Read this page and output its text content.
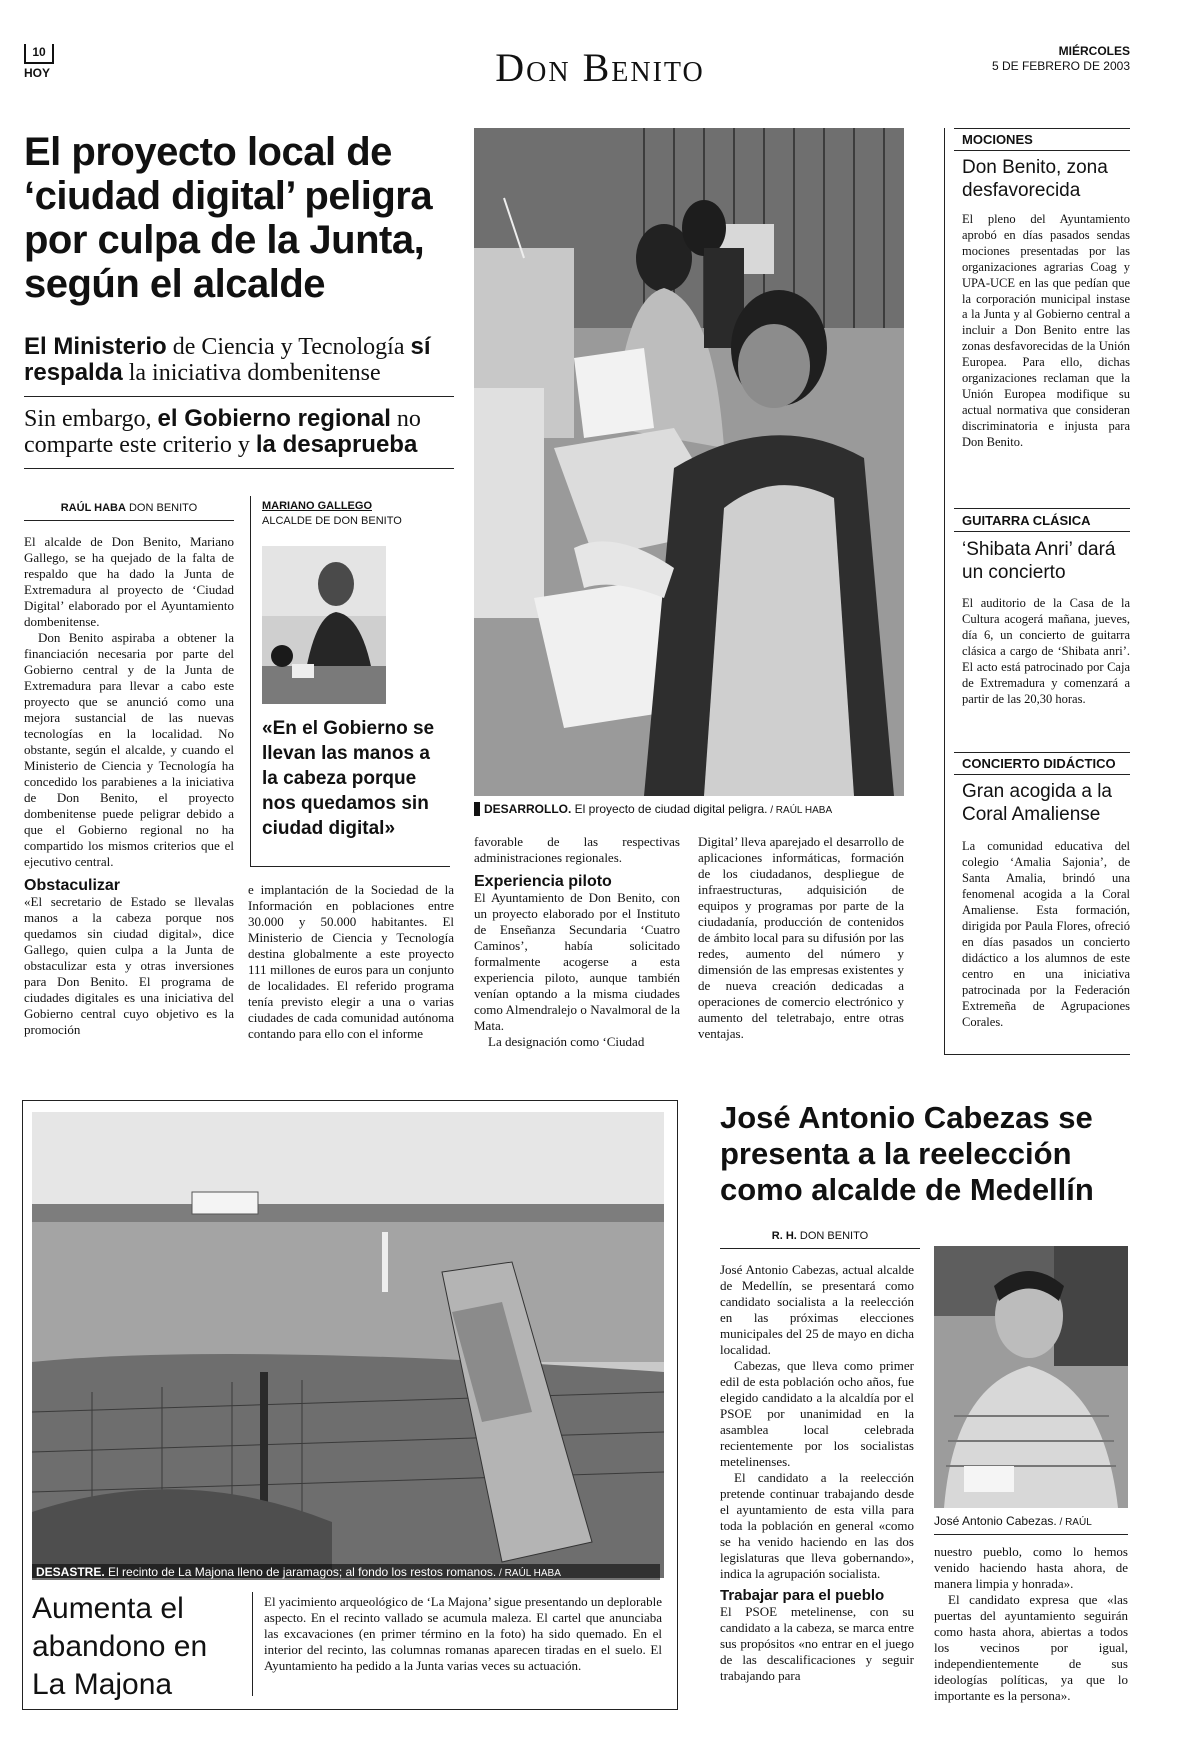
10
HOY	Don Benito	MIÉRCOLES
5 DE FEBRERO DE 2003
El proyecto local de ‘ciudad digital’ peligra por culpa de la Junta, según el alcalde
El Ministerio de Ciencia y Tecnología sí respalda la iniciativa dombenitense
Sin embargo, el Gobierno regional no comparte este criterio y la desaprueba
RAÚL HABA DON BENITO

El alcalde de Don Benito, Mariano Gallego, se ha quejado de la falta de respaldo que ha dado la Junta de Extremadura al proyecto de ‘Ciudad Digital’ elaborado por el Ayuntamiento dombenitense.

Don Benito aspiraba a obtener la financiación necesaria por parte del Gobierno central y de la Junta de Extremadura para llevar a cabo este proyecto que se anunció como una mejora sustancial de las nuevas tecnologías en la localidad. No obstante, según el alcalde, y cuando el Ministerio de Ciencia y Tecnología ha concedido los parabienes a la iniciativa de Don Benito, el proyecto dombenitense puede peligrar debido a que el Gobierno regional no ha compartido los mismos criterios que el ejecutivo central.

Obstaculizar

«El secretario de Estado se llevalas manos a la cabeza porque nos quedamos sin ciudad digital», dice Gallego, quien culpa a la Junta de obstaculizar esta y otras inversiones para Don Benito. El programa de ciudades digitales es una iniciativa del Gobierno central cuyo objetivo es la promoción

MARIANO GALLEGO
ALCALDE DE DON BENITO
«En el Gobierno se llevan las manos a la cabeza porque nos quedamos sin ciudad digital»

e implantación de la Sociedad de la Información en poblaciones entre 30.000 y 50.000 habitantes. El Ministerio de Ciencia y Tecnología destina globalmente a este proyecto 111 millones de euros para un conjunto de localidades. El referido programa tenía previsto elegir a una o varias ciudades de cada comunidad autónoma contando para ello con el informe

DESARROLLO. El proyecto de ciudad digital peligra. / RAÚL HABA

favorable de las respectivas administraciones regionales.

Experiencia piloto

El Ayuntamiento de Don Benito, con un proyecto elaborado por el Instituto de Enseñanza Secundaria ‘Cuatro Caminos’, había solicitado formalmente acogerse a esta experiencia piloto, aunque también venían optando a la misma ciudades como Almendralejo o Navalmoral de la Mata.

La designación como ‘Ciudad

Digital’ lleva aparejado el desarrollo de aplicaciones informáticas, formación de los ciudadanos, despliegue de infraestructuras, adquisición de equipos y programas por parte de la ciudadanía, producción de contenidos de ámbito local para su difusión por las redes, aumento del número y dimensión de las empresas existentes y de nueva creación dedicadas a operaciones de comercio electrónico y aumento del teletrabajo, entre otras ventajas.

MOCIONES
Don Benito, zona desfavorecida
El pleno del Ayuntamiento aprobó en días pasados sendas mociones presentadas por las organizaciones agrarias Coag y UPA-UCE en las que pedían que la corporación municipal instase a la Junta y al Gobierno central a incluir a Don Benito entre las zonas desfavorecidas de la Unión Europea. Para ello, dichas organizaciones reclaman que la Unión Europea modifique su actual normativa que consideran discriminatoria e injusta para Don Benito.
GUITARRA CLÁSICA
‘Shibata Anri’ dará un concierto
El auditorio de la Casa de la Cultura acogerá mañana, jueves, día 6, un concierto de guitarra clásica a cargo de ‘Shibata anri’. El acto está patrocinado por Caja de Extremadura y comenzará a partir de las 20,30 horas.
CONCIERTO DIDÁCTICO
Gran acogida a la Coral Amaliense
La comunidad educativa del colegio ‘Amalia Sajonia’, de Santa Amalia, brindó una fenomenal acogida a la Coral Amaliense. Esta formación, dirigida por Paula Flores, ofreció en días pasados un concierto didáctico a los alumnos de este centro en una iniciativa patrocinada por la Federación Extremeña de Agrupaciones Corales.
DESASTRE. El recinto de La Majona lleno de jaramagos; al fondo los restos romanos. / RAÚL HABA
Aumenta el abandono en La Majona
El yacimiento arqueológico de ‘La Majona’ sigue presentando un deplorable aspecto. En el recinto vallado se acumula maleza. El cartel que anunciaba las excavaciones (en primer término en la foto) ha sido quemado. En el interior del recinto, las columnas romanas aparecen tiradas en el suelo. El Ayuntamiento ha pedido a la Junta varias veces su actuación.
José Antonio Cabezas se presenta a la reelección como alcalde de Medellín
R. H. DON BENITO

José Antonio Cabezas, actual alcalde de Medellín, se presentará como candidato socialista a la reelección en las próximas elecciones municipales del 25 de mayo en dicha localidad.

Cabezas, que lleva como primer edil de esta población ocho años, fue elegido candidato a la alcaldía por el PSOE por unanimidad en la asamblea local celebrada recientemente por los socialistas metelinenses.

El candidato a la reelección pretende continuar trabajando desde el ayuntamiento de esta villa para toda la población en general «como se ha venido haciendo en las dos legislaturas que lleva gobernando», indica la agrupación socialista.

Trabajar para el pueblo

El PSOE metelinense, con su candidato a la cabeza, se marca entre sus propósitos «no entrar en el juego de las descalificaciones y seguir trabajando para

José Antonio Cabezas. / RAÚL

nuestro pueblo, como lo hemos venido haciendo hasta ahora, de manera limpia y honrada».

El candidato expresa que «las puertas del ayuntamiento seguirán como hasta ahora, abiertas a todos los vecinos por igual, independientemente de sus ideologías políticas, ya que lo importante es la persona».
